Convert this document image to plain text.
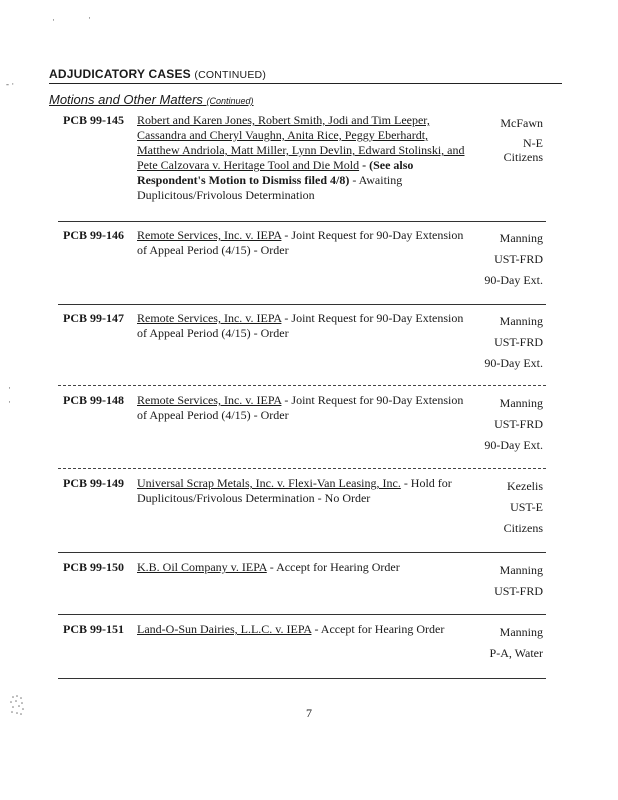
·	·
- ·
·
·
ADJUDICATORY CASES (CONTINUED)
Motions and Other Matters (Continued)
PCB 99-145	Robert and Karen Jones, Robert Smith, Jodi and Tim Leeper, Cassandra and Cheryl Vaughn, Anita Rice, Peggy Eberhardt, Matthew Andriola, Matt Miller, Lynn Devlin, Edward Stolinski, and Pete Calzovara v. Heritage Tool and Die Mold - (See also Respondent's Motion to Dismiss filed 4/8) - Awaiting Duplicitous/Frivolous Determination
McFawn
N-E
Citizens
PCB 99-146	Remote Services, Inc. v. IEPA - Joint Request for 90-Day Extension of Appeal Period (4/15) - Order
Manning
UST-FRD
90-Day Ext.
PCB 99-147	Remote Services, Inc. v. IEPA - Joint Request for 90-Day Extension of Appeal Period (4/15) - Order
Manning
UST-FRD
90-Day Ext.
PCB 99-148	Remote Services, Inc. v. IEPA - Joint Request for 90-Day Extension of Appeal Period (4/15) - Order
Manning
UST-FRD
90-Day Ext.
PCB 99-149	Universal Scrap Metals, Inc. v. Flexi-Van Leasing, Inc. - Hold for Duplicitous/Frivolous Determination - No Order
Kezelis
UST-E
Citizens
PCB 99-150	K.B. Oil Company v. IEPA - Accept for Hearing Order	Manning
UST-FRD
PCB 99-151	Land-O-Sun Dairies, L.L.C. v. IEPA - Accept for Hearing Order	Manning
P-A, Water
7
